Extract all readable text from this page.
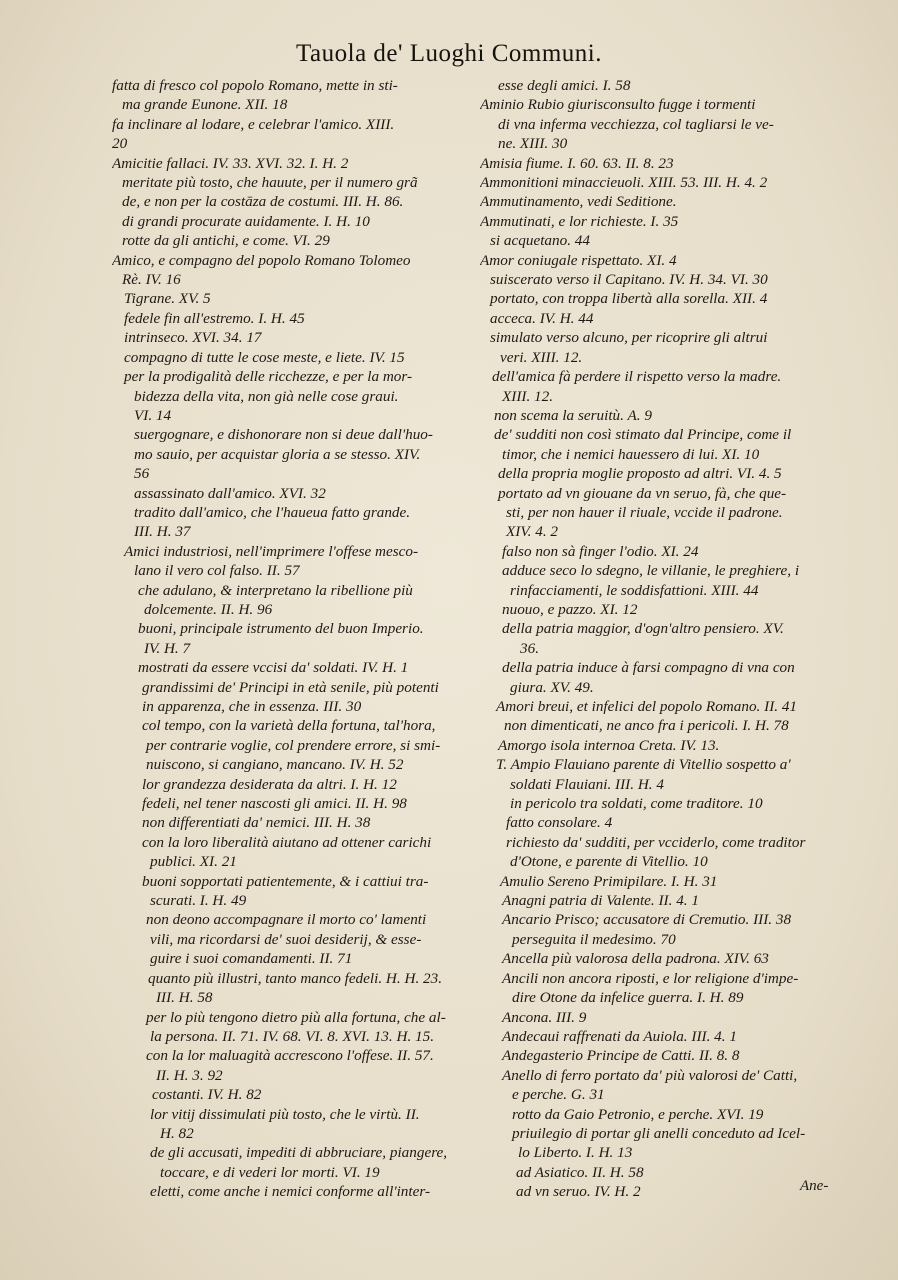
Tauola de' Luoghi Communi.
fatta di fresco col popolo Romano, mette in sti-
ma grande Eunone. XII. 18
fa inclinare al lodare, e celebrar l'amico. XIII.
20
Amicitie fallaci. IV. 33. XVI. 32. I. H. 2
meritate più tosto, che hauute, per il numero grã
de, e non per la costāza de costumi. III. H. 86.
di grandi procurate auidamente. I. H. 10
rotte da gli antichi, e come. VI. 29
Amico, e compagno del popolo Romano Tolomeo
Rè. IV. 16
Tigrane. XV. 5
fedele fin all'estremo. I. H. 45
intrinseco. XVI. 34. 17
compagno di tutte le cose meste, e liete. IV. 15
per la prodigalità delle ricchezze, e per la mor-
bidezza della vita, non già nelle cose graui.
VI. 14
suergognare, e dishonorare non si deue dall'huo-
mo sauio, per acquistar gloria a se stesso. XIV.
56
assassinato dall'amico. XVI. 32
tradito dall'amico, che l'haueua fatto grande.
III. H. 37
Amici industriosi, nell'imprimere l'offese mesco-
lano il vero col falso. II. 57
che adulano, & interpretano la ribellione più
dolcemente. II. H. 96
buoni, principale istrumento del buon Imperio.
IV. H. 7
mostrati da essere vccisi da' soldati. IV. H. 1
grandissimi de' Principi in età senile, più potenti
in apparenza, che in essenza. III. 30
col tempo, con la varietà della fortuna, tal'hora,
per contrarie voglie, col prendere errore, si smi-
nuiscono, si cangiano, mancano. IV. H. 52
lor grandezza desiderata da altri. I. H. 12
fedeli, nel tener nascosti gli amici. II. H. 98
non differentiati da' nemici. III. H. 38
con la loro liberalità aiutano ad ottener carichi
publici. XI. 21
buoni sopportati patientemente, & i cattiui tra-
scurati. I. H. 49
non deono accompagnare il morto co' lamenti
vili, ma ricordarsi de' suoi desiderij, & esse-
guire i suoi comandamenti. II. 71
quanto più illustri, tanto manco fedeli. H. H. 23.
III. H. 58
per lo più tengono dietro più alla fortuna, che al-
la persona. II. 71. IV. 68. VI. 8. XVI. 13. H. 15.
con la lor maluagità accrescono l'offese. II. 57.
II. H. 3. 92
costanti. IV. H. 82
lor vitij dissimulati più tosto, che le virtù. II.
H. 82
de gli accusati, impediti di abbruciare, piangere,
toccare, e di vederi lor morti. VI. 19
eletti, come anche i nemici conforme all'inter-
esse degli amici. I. 58
Aminio Rubio giurisconsulto fugge i tormenti
di vna inferma vecchiezza, col tagliarsi le ve-
ne. XIII. 30
Amisia fiume. I. 60. 63. II. 8. 23
Ammonitioni minaccieuoli. XIII. 53. III. H. 4. 2
Ammutinamento, vedi Seditione.
Ammutinati, e lor richieste. I. 35
si acquetano. 44
Amor coniugale rispettato. XI. 4
suiscerato verso il Capitano. IV. H. 34. VI. 30
portato, con troppa libertà alla sorella. XII. 4
acceca. IV. H. 44
simulato verso alcuno, per ricoprire gli altrui
veri. XIII. 12.
dell'amica fà perdere il rispetto verso la madre.
XIII. 12.
non scema la seruitù. A. 9
de' sudditi non così stimato dal Principe, come il
timor, che i nemici hauessero di lui. XI. 10
della propria moglie proposto ad altri. VI. 4. 5
portato ad vn giouane da vn seruo, fà, che que-
sti, per non hauer il riuale, vccide il padrone.
XIV. 4. 2
falso non sà finger l'odio. XI. 24
adduce seco lo sdegno, le villanie, le preghiere, i
rinfacciamenti, le soddisfattioni. XIII. 44
nuouo, e pazzo. XI. 12
della patria maggior, d'ogn'altro pensiero. XV.
36.
della patria induce à farsi compagno di vna con
giura. XV. 49.
Amori breui, et infelici del popolo Romano. II. 41
non dimenticati, ne anco fra i pericoli. I. H. 78
Amorgo isola internoa Creta. IV. 13.
T. Ampio Flauiano parente di Vitellio sospetto a'
soldati Flauiani. III. H. 4
in pericolo tra soldati, come traditore. 10
fatto consolare. 4
richiesto da' sudditi, per vcciderlo, come traditor
d'Otone, e parente di Vitellio. 10
Amulio Sereno Primipilare. I. H. 31
Anagni patria di Valente. II. 4. 1
Ancario Prisco; accusatore di Cremutio. III. 38
perseguita il medesimo. 70
Ancella più valorosa della padrona. XIV. 63
Ancili non ancora riposti, e lor religione d'impe-
dire Otone da infelice guerra. I. H. 89
Ancona. III. 9
Andecaui raffrenati da Auiola. III. 4. 1
Andegasterio Principe de Catti. II. 8. 8
Anello di ferro portato da' più valorosi de' Catti,
e perche. G. 31
rotto da Gaio Petronio, e perche. XVI. 19
priuilegio di portar gli anelli conceduto ad Icel-
lo Liberto. I. H. 13
ad Asiatico. II. H. 58
ad vn seruo. IV. H. 2	Ane-
